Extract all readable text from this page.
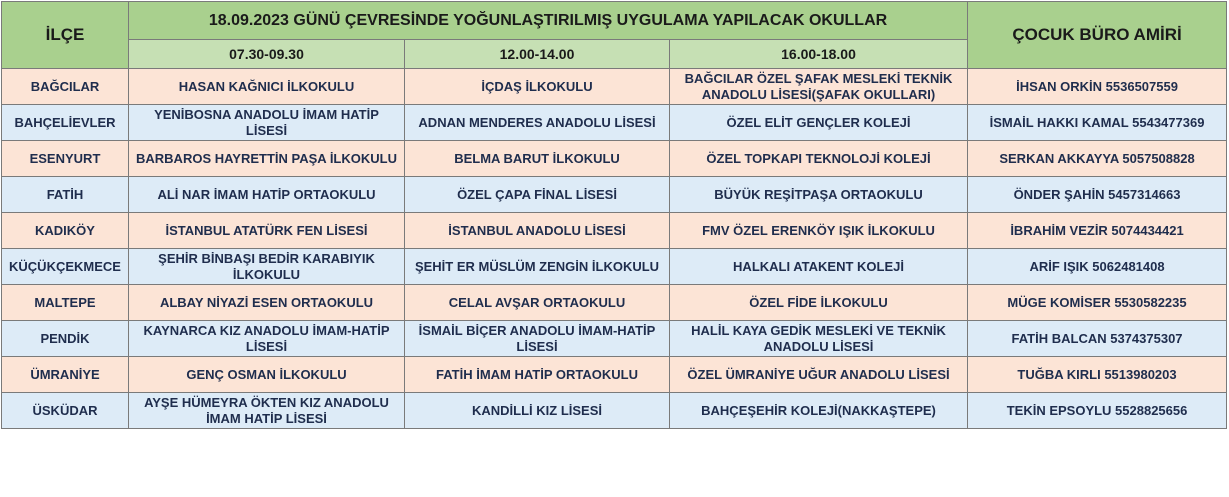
İLÇE	18.09.2023 GÜNÜ ÇEVRESİNDE YOĞUNLAŞTIRILMIŞ UYGULAMA YAPILACAK OKULLAR			ÇOCUK BÜRO AMİRİ
	07.30-09.30	12.00-14.00	16.00-18.00	
BAĞCILAR	HASAN KAĞNICI İLKOKULU	İÇDAŞ İLKOKULU	BAĞCILAR ÖZEL ŞAFAK MESLEKİ TEKNİK ANADOLU LİSESİ(ŞAFAK OKULLARI)	İHSAN ORKİN 5536507559
BAHÇELİEVLER	YENİBOSNA ANADOLU İMAM HATİP LİSESİ	ADNAN MENDERES ANADOLU LİSESİ	ÖZEL ELİT GENÇLER KOLEJİ	İSMAİL HAKKI KAMAL 5543477369
ESENYURT	BARBAROS HAYRETTİN PAŞA İLKOKULU	BELMA BARUT İLKOKULU	ÖZEL TOPKAPI TEKNOLOJİ KOLEJİ	SERKAN AKKAYYA 5057508828
FATİH	ALİ NAR İMAM HATİP ORTAOKULU	ÖZEL ÇAPA FİNAL LİSESİ	BÜYÜK REŞİTPAŞA ORTAOKULU	ÖNDER ŞAHİN 5457314663
KADIKÖY	İSTANBUL ATATÜRK FEN LİSESİ	İSTANBUL ANADOLU LİSESİ	FMV ÖZEL ERENKÖY IŞIK İLKOKULU	İBRAHİM VEZİR 5074434421
KÜÇÜKÇEKMECE	ŞEHİR BİNBAŞI BEDİR KARABIYIK İLKOKULU	ŞEHİT ER MÜSLÜM ZENGİN İLKOKULU	HALKALI ATAKENT KOLEJİ	ARİF IŞIK 5062481408
MALTEPE	ALBAY NİYAZİ ESEN ORTAOKULU	CELAL AVŞAR ORTAOKULU	ÖZEL FİDE İLKOKULU	MÜGE KOMİSER 5530582235
PENDİK	KAYNARCA KIZ ANADOLU İMAM-HATİP LİSESİ	İSMAİL BİÇER ANADOLU İMAM-HATİP LİSESİ	HALİL KAYA GEDİK MESLEKİ VE TEKNİK ANADOLU LİSESİ	FATİH BALCAN 5374375307
ÜMRANİYE	GENÇ OSMAN İLKOKULU	FATİH İMAM HATİP ORTAOKULU	ÖZEL ÜMRANİYE UĞUR ANADOLU LİSESİ	TUĞBA KIRLI 5513980203
ÜSKÜDAR	AYŞE HÜMEYRA ÖKTEN KIZ ANADOLU İMAM HATİP LİSESİ	KANDİLLİ KIZ LİSESİ	BAHÇEŞEHİR KOLEJİ(NAKKAŞTEPE)	TEKİN EPSOYLU 5528825656
